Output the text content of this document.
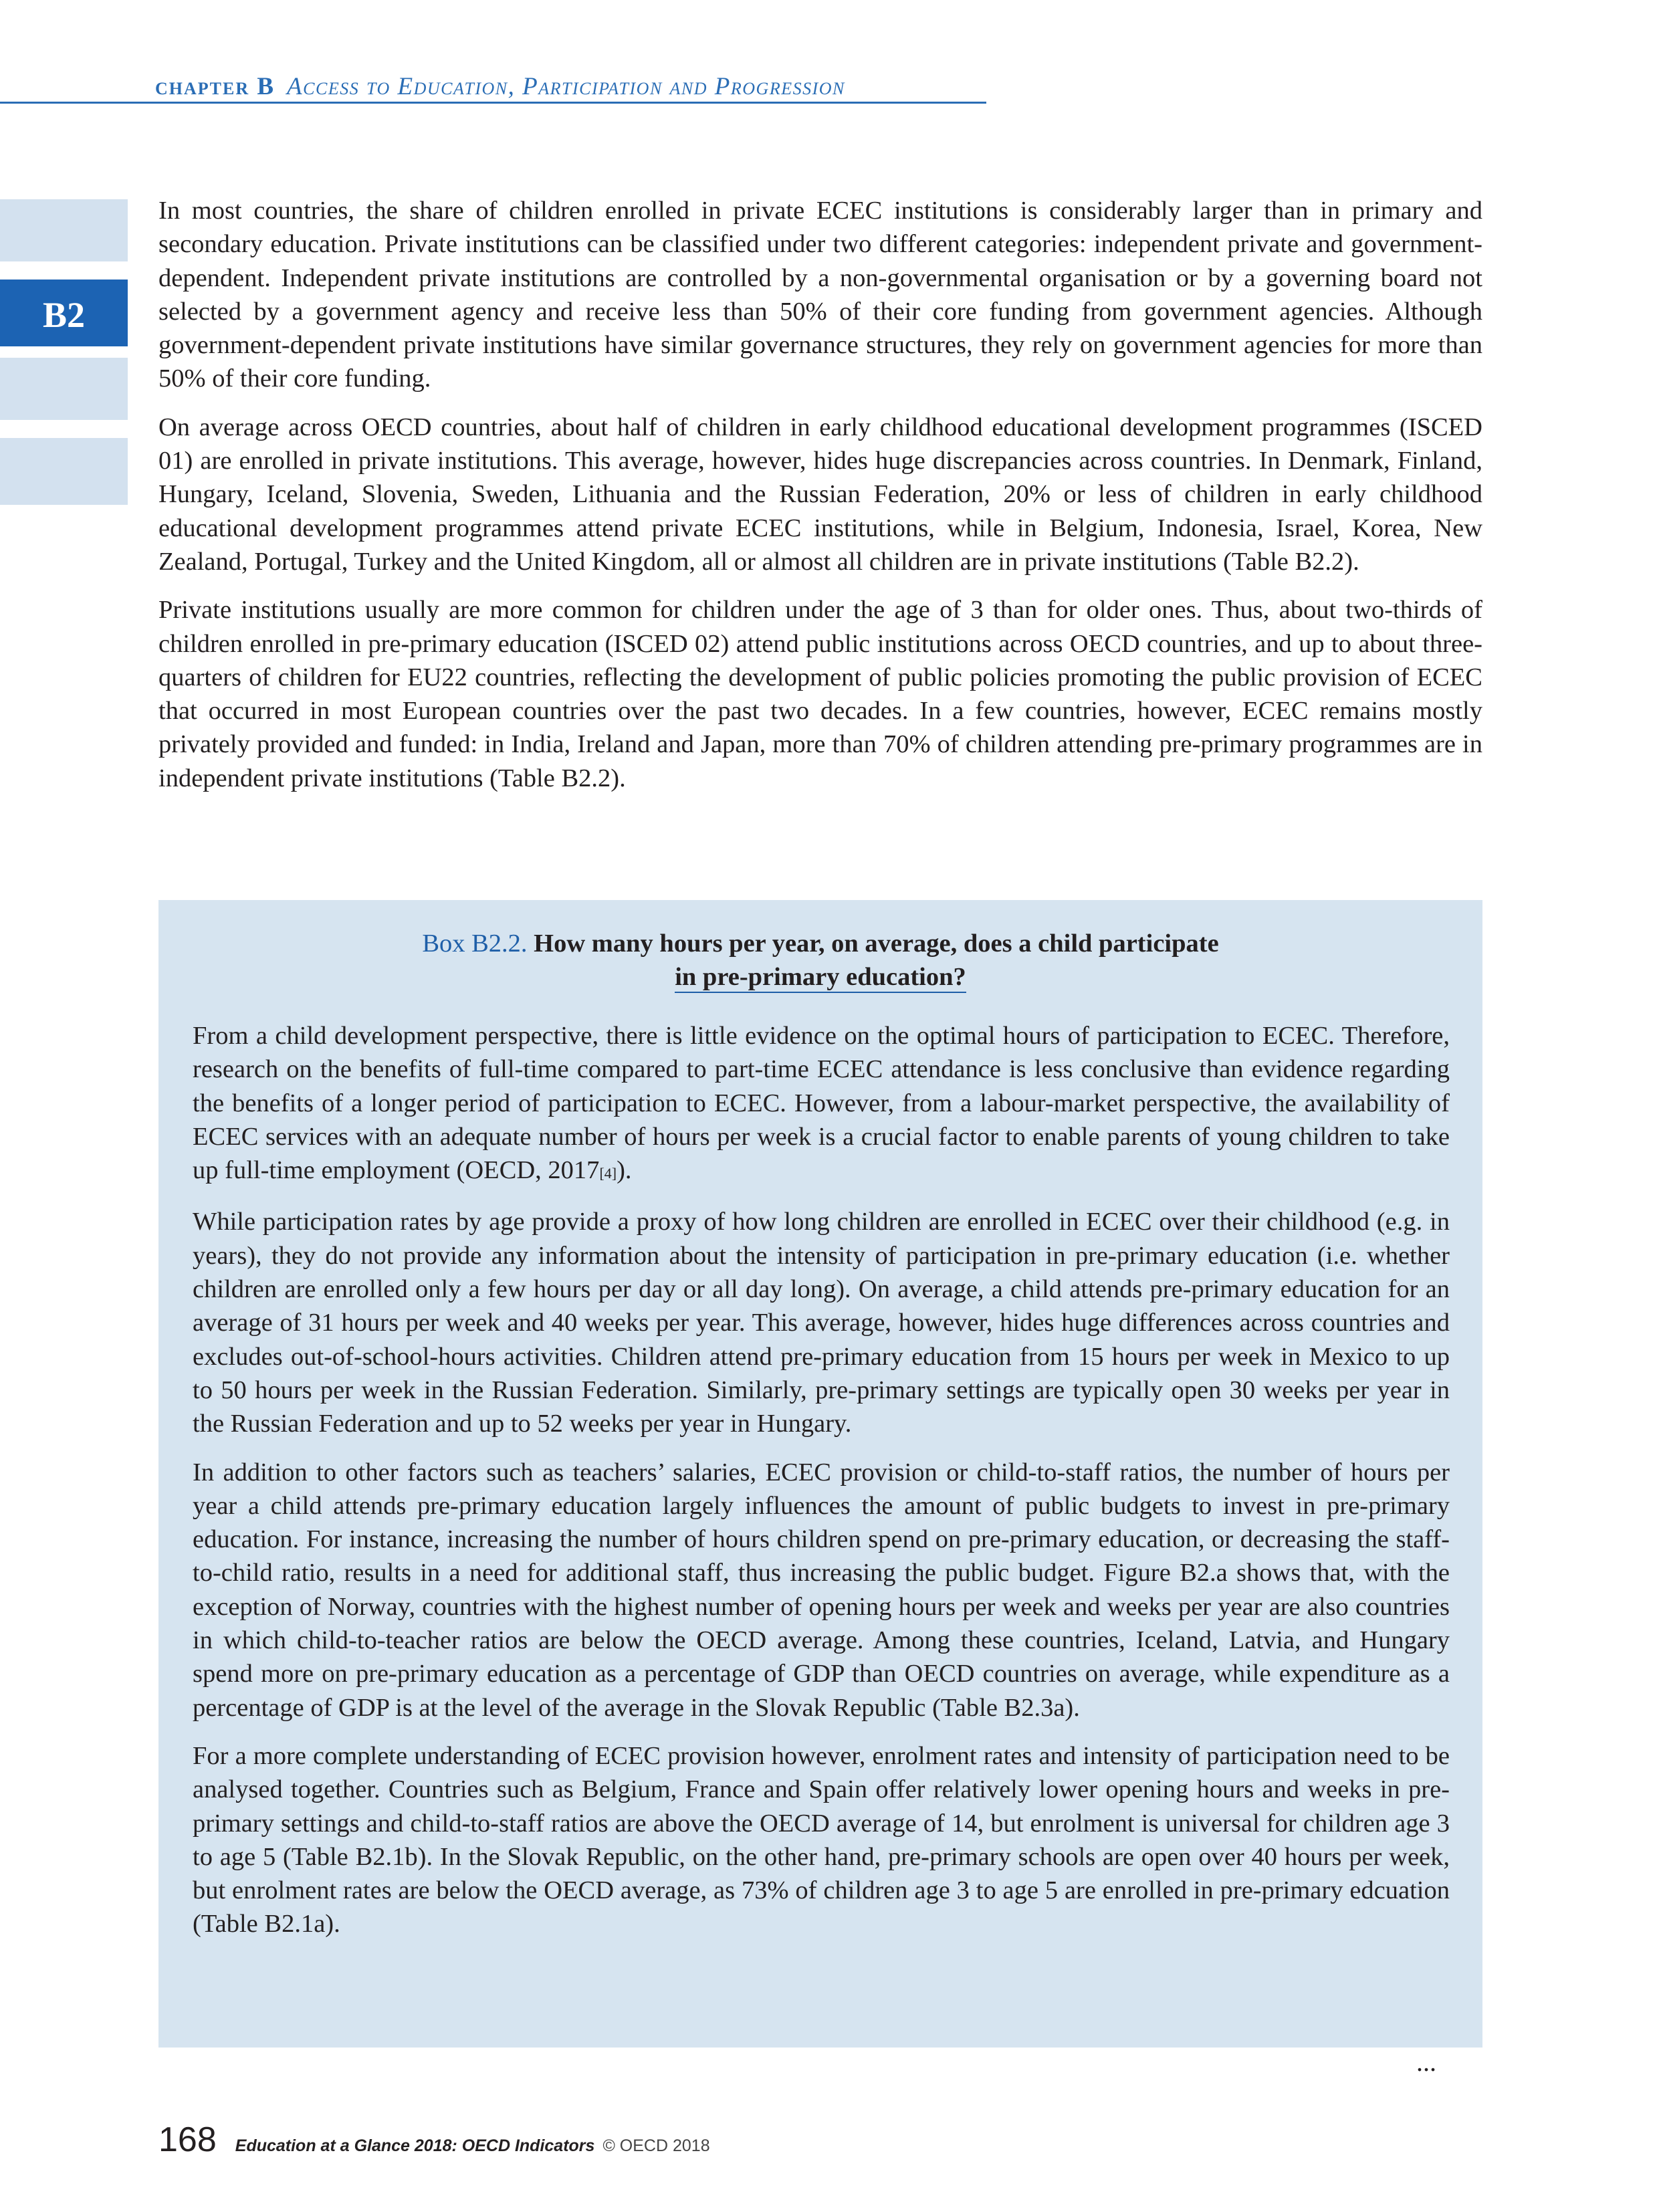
chapter B Access to Education, Participation and Progression
B2

In most countries, the share of children enrolled in private ECEC institutions is considerably larger than in primary and secondary education. Private institutions can be classified under two different categories: independent private and government-dependent. Independent private institutions are controlled by a non-governmental organisation or by a governing board not selected by a government agency and receive less than 50% of their core funding from government agencies. Although government-dependent private institutions have similar governance structures, they rely on government agencies for more than 50% of their core funding.

On average across OECD countries, about half of children in early childhood educational development programmes (ISCED 01) are enrolled in private institutions. This average, however, hides huge discrepancies across countries. In Denmark, Finland, Hungary, Iceland, Slovenia, Sweden, Lithuania and the Russian Federation, 20% or less of children in early childhood educational development programmes attend private ECEC institutions, while in Belgium, Indonesia, Israel, Korea, New Zealand, Portugal, Turkey and the United Kingdom, all or almost all children are in private institutions (Table B2.2).

Private institutions usually are more common for children under the age of 3 than for older ones. Thus, about two-thirds of children enrolled in pre-primary education (ISCED 02) attend public institutions across OECD countries, and up to about three-quarters of children for EU22 countries, reflecting the development of public policies promoting the public provision of ECEC that occurred in most European countries over the past two decades. In a few countries, however, ECEC remains mostly privately provided and funded: in India, Ireland and Japan, more than 70% of children attending pre-primary programmes are in independent private institutions (Table B2.2).

Box B2.2. How many hours per year, on average, does a child participate
in pre-primary education?

From a child development perspective, there is little evidence on the optimal hours of participation to ECEC. Therefore, research on the benefits of full-time compared to part-time ECEC attendance is less conclusive than evidence regarding the benefits of a longer period of participation to ECEC. However, from a labour-market perspective, the availability of ECEC services with an adequate number of hours per week is a crucial factor to enable parents of young children to take up full-time employment (OECD, 2017[4]).

While participation rates by age provide a proxy of how long children are enrolled in ECEC over their childhood (e.g. in years), they do not provide any information about the intensity of participation in pre-primary education (i.e. whether children are enrolled only a few hours per day or all day long). On average, a child attends pre-primary education for an average of 31 hours per week and 40 weeks per year. This average, however, hides huge differences across countries and excludes out-of-school-hours activities. Children attend pre-primary education from 15 hours per week in Mexico to up to 50 hours per week in the Russian Federation. Similarly, pre-primary settings are typically open 30 weeks per year in the Russian Federation and up to 52 weeks per year in Hungary.

In addition to other factors such as teachers’ salaries, ECEC provision or child-to-staff ratios, the number of hours per year a child attends pre-primary education largely influences the amount of public budgets to invest in pre-primary education. For instance, increasing the number of hours children spend on pre-primary education, or decreasing the staff-to-child ratio, results in a need for additional staff, thus increasing the public budget. Figure B2.a shows that, with the exception of Norway, countries with the highest number of opening hours per week and weeks per year are also countries in which child-to-teacher ratios are below the OECD average. Among these countries, Iceland, Latvia, and Hungary spend more on pre-primary education as a percentage of GDP than OECD countries on average, while expenditure as a percentage of GDP is at the level of the average in the Slovak Republic (Table B2.3a).

For a more complete understanding of ECEC provision however, enrolment rates and intensity of participation need to be analysed together. Countries such as Belgium, France and Spain offer relatively lower opening hours and weeks in pre-primary settings and child-to-staff ratios are above the OECD average of 14, but enrolment is universal for children age 3 to age 5 (Table B2.1b). In the Slovak Republic, on the other hand, pre-primary schools are open over 40 hours per week, but enrolment rates are below the OECD average, as 73% of children age 3 to age 5 are enrolled in pre-primary edcuation (Table B2.1a).

...
168 Education at a Glance 2018: OECD Indicators © OECD 2018
